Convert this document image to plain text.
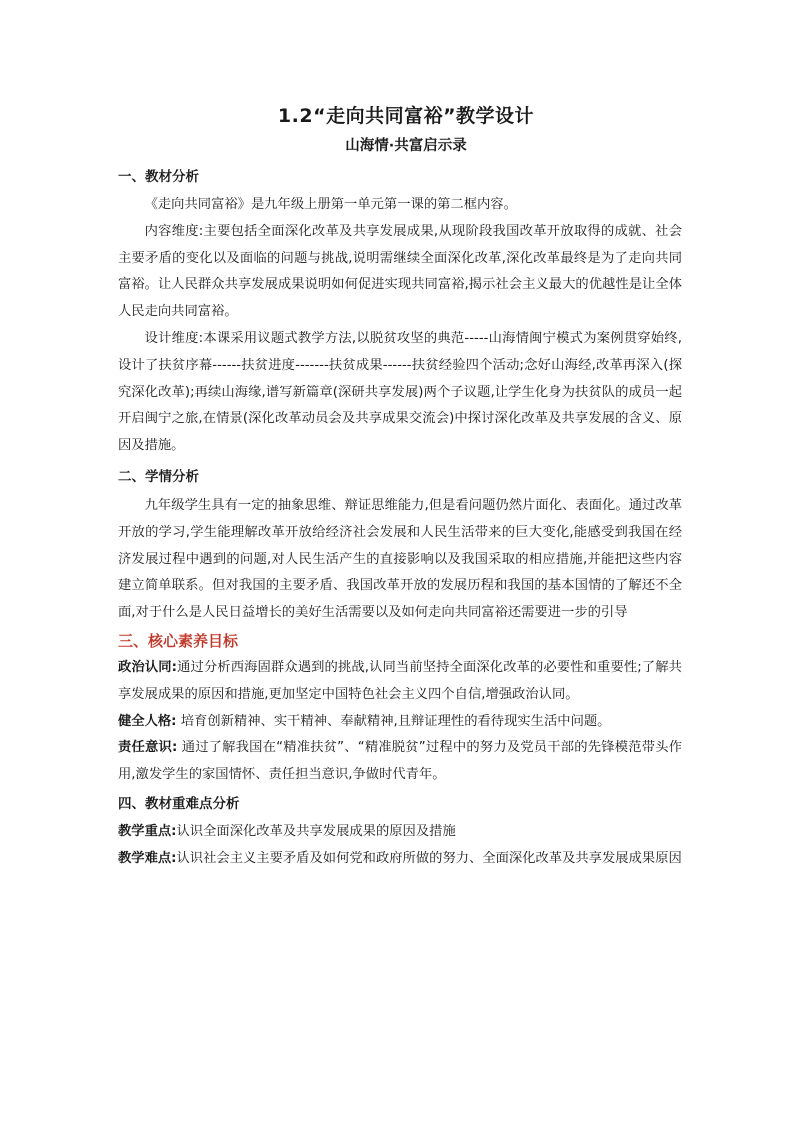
1.2“走向共同富裕”教学设计
山海情·共富启示录
一、教材分析

《走向共同富裕》是九年级上册第一单元第一课的第二框内容。

内容维度:主要包括全面深化改革及共享发展成果,从现阶段我国改革开放取得的成就、社会主要矛盾的变化以及面临的问题与挑战,说明需继续全面深化改革,深化改革最终是为了走向共同富裕。让人民群众共享发展成果说明如何促进实现共同富裕,揭示社会主义最大的优越性是让全体人民走向共同富裕。

设计维度:本课采用议题式教学方法,以脱贫攻坚的典范-----山海情闽宁模式为案例贯穿始终,设计了扶贫序幕------扶贫进度-------扶贫成果------扶贫经验四个活动;念好山海经,改革再深入(探究深化改革);再续山海缘,谱写新篇章(深研共享发展)两个子议题,让学生化身为扶贫队的成员一起开启闽宁之旅,在情景(深化改革动员会及共享成果交流会)中探讨深化改革及共享发展的含义、原因及措施。

二、学情分析

九年级学生具有一定的抽象思维、辩证思维能力,但是看问题仍然片面化、表面化。通过改革开放的学习,学生能理解改革开放给经济社会发展和人民生活带来的巨大变化,能感受到我国在经济发展过程中遇到的问题,对人民生活产生的直接影响以及我国采取的相应措施,并能把这些内容建立简单联系。但对我国的主要矛盾、我国改革开放的发展历程和我国的基本国情的了解还不全面,对于什么是人民日益增长的美好生活需要以及如何走向共同富裕还需要进一步的引导

三、核心素养目标

政治认同:通过分析西海固群众遇到的挑战,认同当前坚持全面深化改革的必要性和重要性;了解共享发展成果的原因和措施,更加坚定中国特色社会主义四个自信,增强政治认同。

健全人格: 培育创新精神、实干精神、奉献精神,且辩证理性的看待现实生活中问题。

责任意识: 通过了解我国在“精准扶贫”、“精准脱贫”过程中的努力及党员干部的先锋模范带头作用,激发学生的家国情怀、责任担当意识,争做时代青年。

四、教材重难点分析

教学重点:认识全面深化改革及共享发展成果的原因及措施

教学难点:认识社会主义主要矛盾及如何党和政府所做的努力、全面深化改革及共享发展成果原因
